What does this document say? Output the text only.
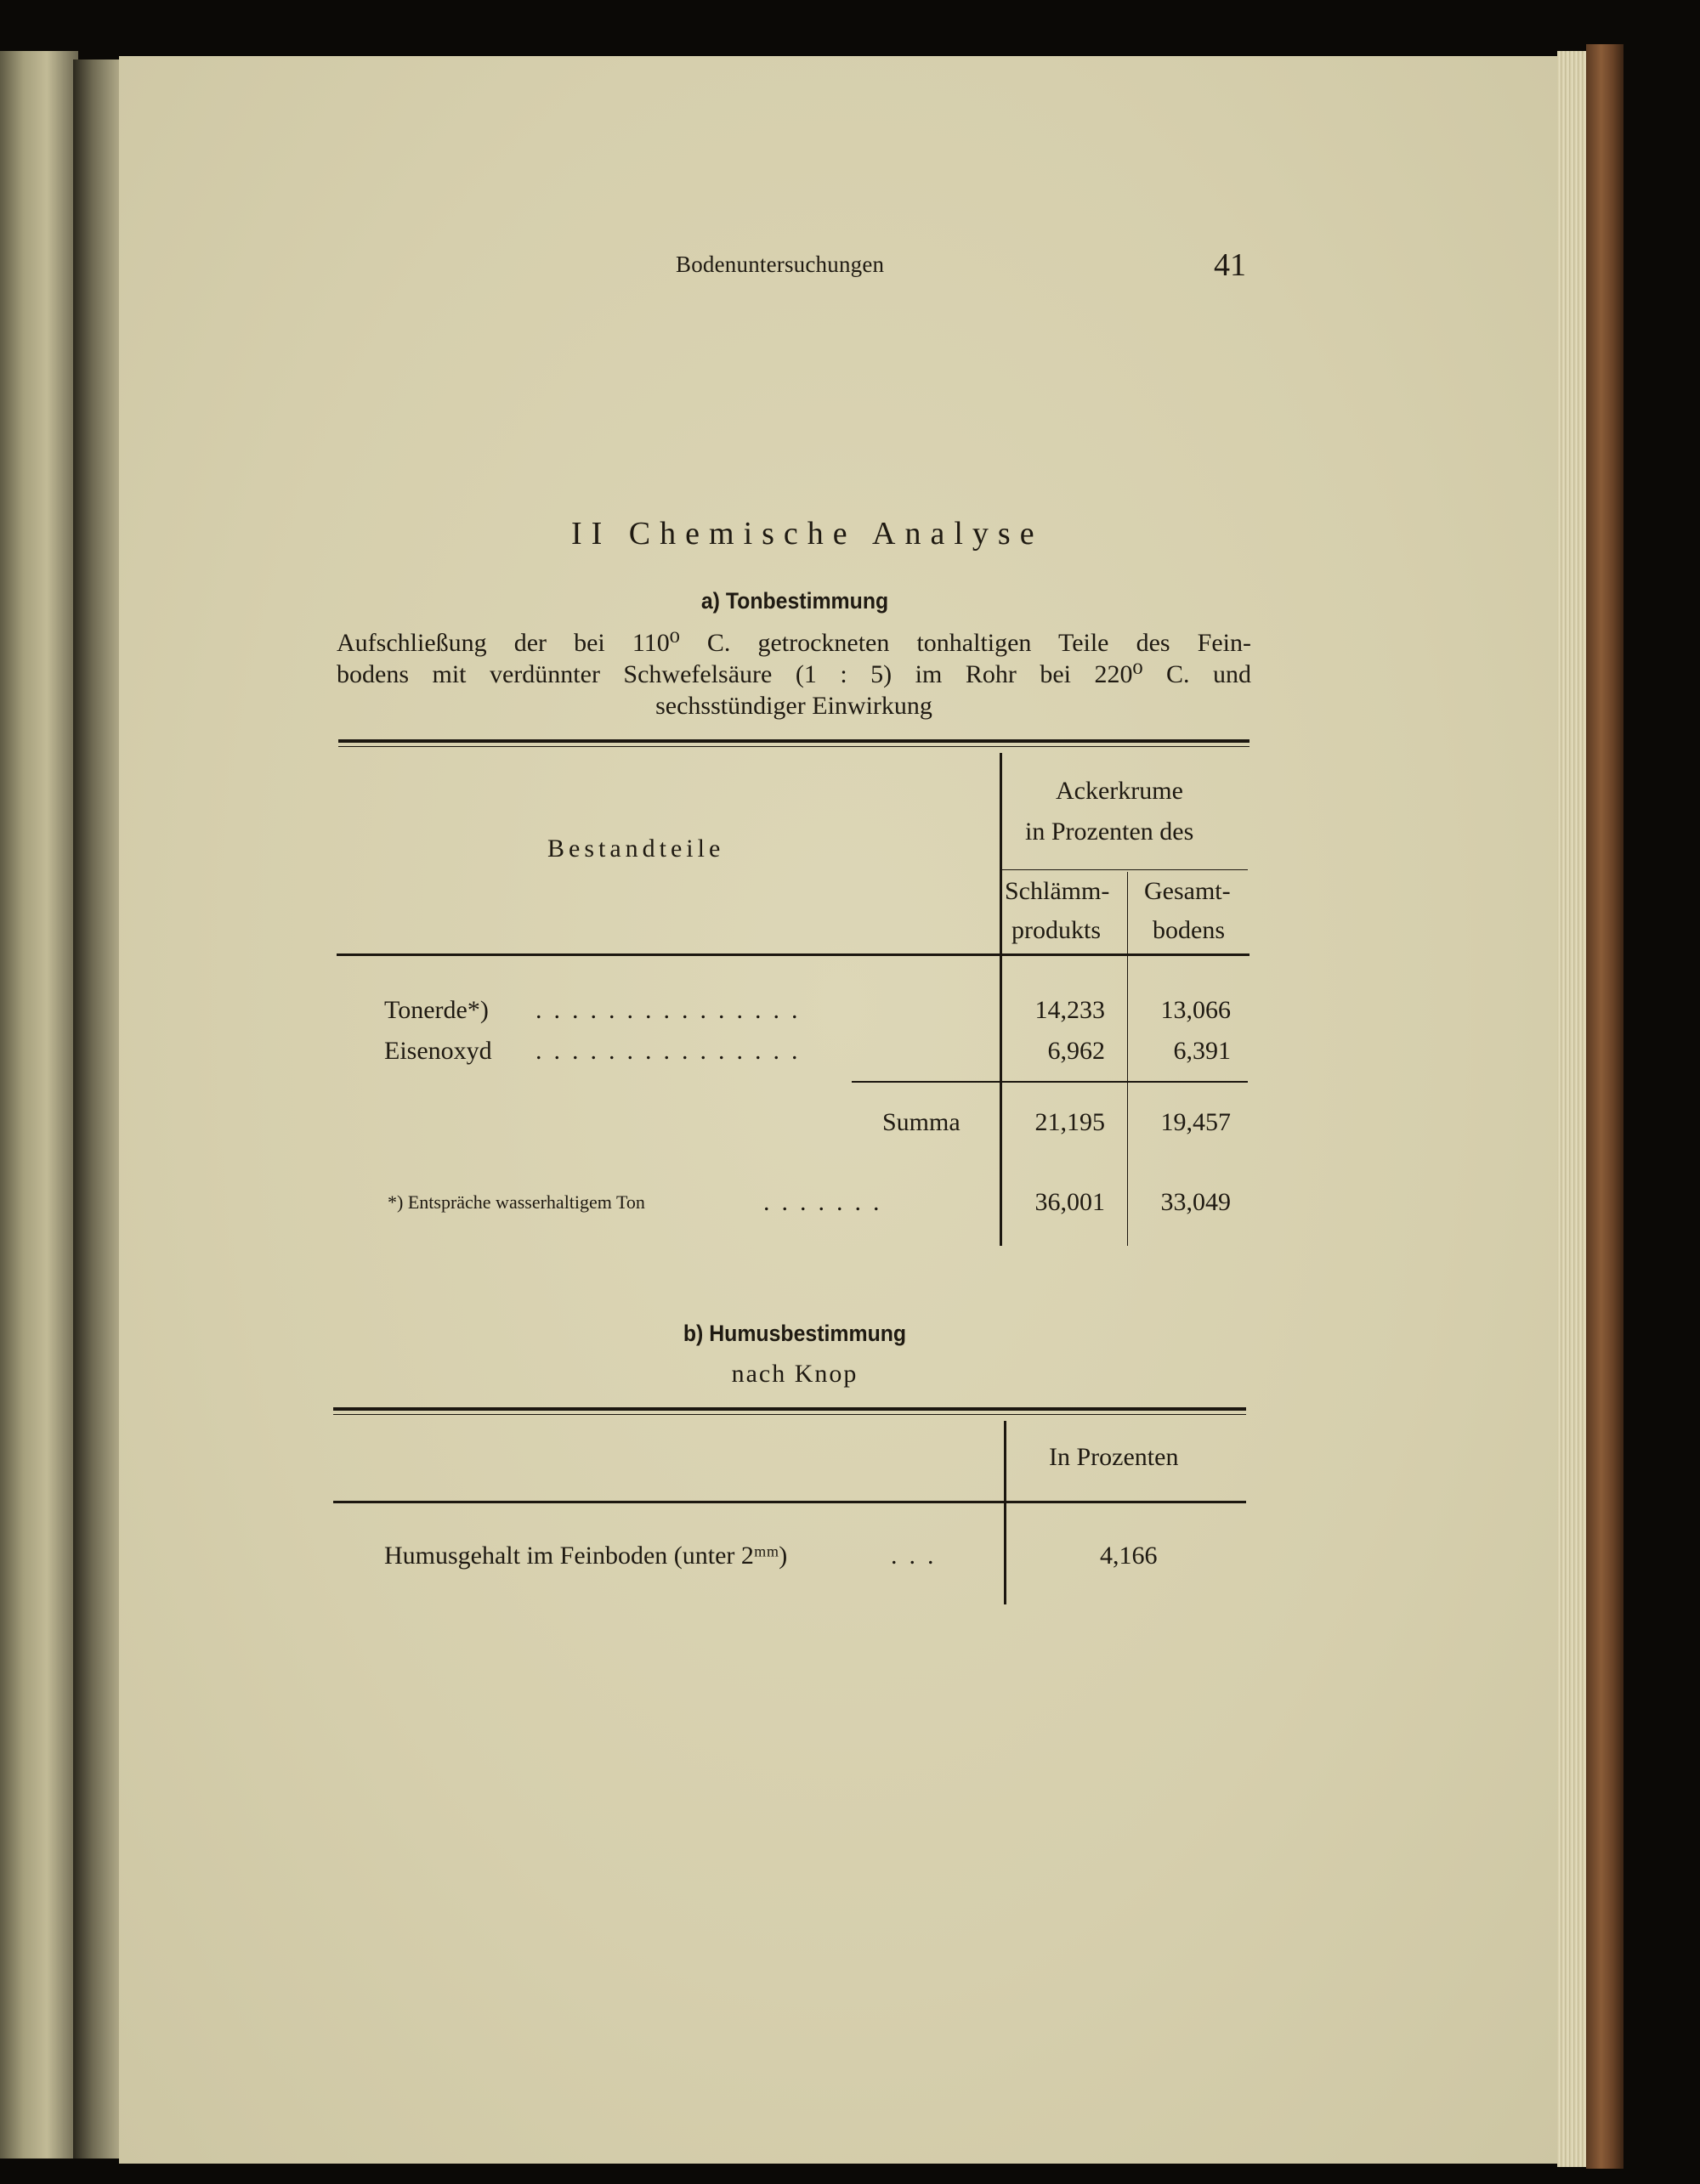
Bodenuntersuchungen	41
II Chemische Analyse
a) Tonbestimmung
Aufschließung der bei 110⁰ C. getrockneten tonhaltigen Teile des Fein-
bodens mit verdünnter Schwefelsäure (1 : 5) im Rohr bei 220⁰ C. und
sechsstündiger Einwirkung
Bestandteile
Ackerkrume
in Prozenten des
Schlämm-
produkts
Gesamt-
bodens
Tonerde*) ...............	14,233	13,066
Eisenoxyd ...............	6,962	6,391
Summa	21,195	19,457
*) Entspräche wasserhaltigem Ton	.......	36,001	33,049
b) Humusbestimmung
nach Knop
In Prozenten
Humusgehalt im Feinboden (unter 2ᵐᵐ)	...	4,166
